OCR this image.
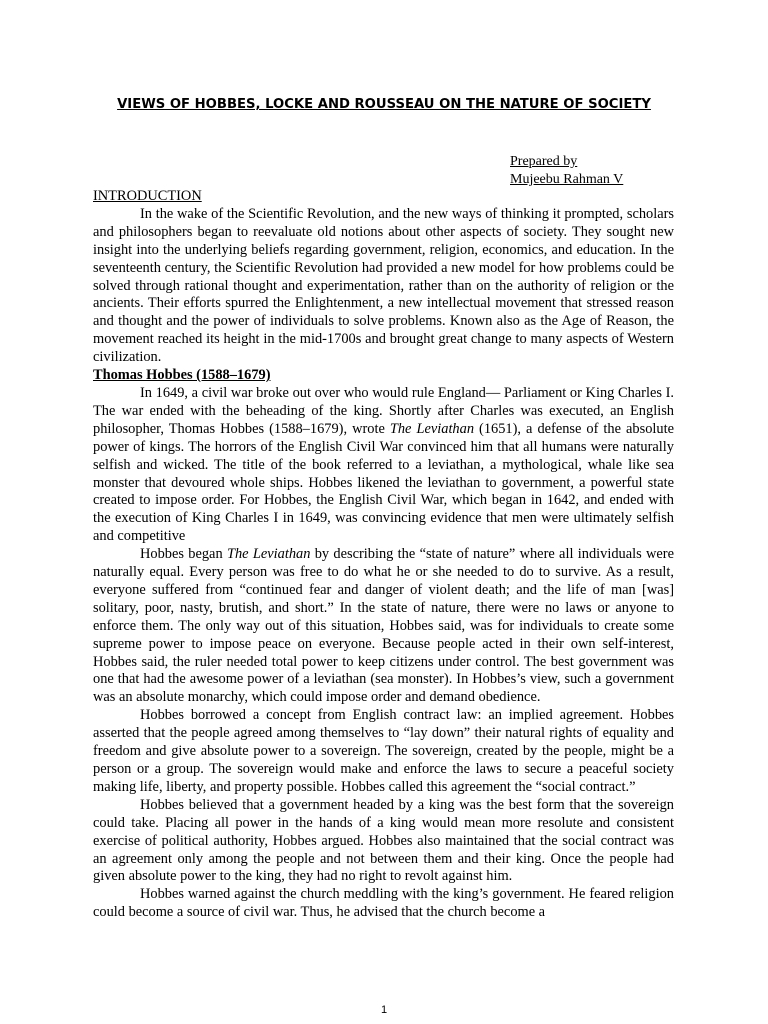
VIEWS OF HOBBES, LOCKE AND ROUSSEAU ON THE NATURE OF SOCIETY
Prepared by
Mujeebu Rahman V
INTRODUCTION

In the wake of the Scientific Revolution, and the new ways of thinking it prompted, scholars and philosophers began to reevaluate old notions about other aspects of society. They sought new insight into the underlying beliefs regarding government, religion, economics, and education. In the seventeenth century, the Scientific Revolution had provided a new model for how problems could be solved through rational thought and experimentation, rather than on the authority of religion or the ancients. Their efforts spurred the Enlightenment, a new intellectual movement that stressed reason and thought and the power of individuals to solve problems. Known also as the Age of Reason, the movement reached its height in the mid-1700s and brought great change to many aspects of Western civilization.

Thomas Hobbes (1588–1679)

In 1649, a civil war broke out over who would rule England— Parliament or King Charles I. The war ended with the beheading of the king. Shortly after Charles was executed, an English philosopher, Thomas Hobbes (1588–1679), wrote The Leviathan (1651), a defense of the absolute power of kings. The horrors of the English Civil War convinced him that all humans were naturally selfish and wicked. The title of the book referred to a leviathan, a mythological, whale like sea monster that devoured whole ships. Hobbes likened the leviathan to government, a powerful state created to impose order. For Hobbes, the English Civil War, which began in 1642, and ended with the execution of King Charles I in 1649, was convincing evidence that men were ultimately selfish and competitive

Hobbes began The Leviathan by describing the “state of nature” where all individuals were naturally equal. Every person was free to do what he or she needed to do to survive. As a result, everyone suffered from “continued fear and danger of violent death; and the life of man [was] solitary, poor, nasty, brutish, and short.” In the state of nature, there were no laws or anyone to enforce them. The only way out of this situation, Hobbes said, was for individuals to create some supreme power to impose peace on everyone. Because people acted in their own self-interest, Hobbes said, the ruler needed total power to keep citizens under control. The best government was one that had the awesome power of a leviathan (sea monster). In Hobbes’s view, such a government was an absolute monarchy, which could impose order and demand obedience.

Hobbes borrowed a concept from English contract law: an implied agreement. Hobbes asserted that the people agreed among themselves to “lay down” their natural rights of equality and freedom and give absolute power to a sovereign. The sovereign, created by the people, might be a person or a group. The sovereign would make and enforce the laws to secure a peaceful society making life, liberty, and property possible. Hobbes called this agreement the “social contract.”

Hobbes believed that a government headed by a king was the best form that the sovereign could take. Placing all power in the hands of a king would mean more resolute and consistent exercise of political authority, Hobbes argued. Hobbes also maintained that the social contract was an agreement only among the people and not between them and their king. Once the people had given absolute power to the king, they had no right to revolt against him.

Hobbes warned against the church meddling with the king’s government. He feared religion could become a source of civil war. Thus, he advised that the church become a

1
